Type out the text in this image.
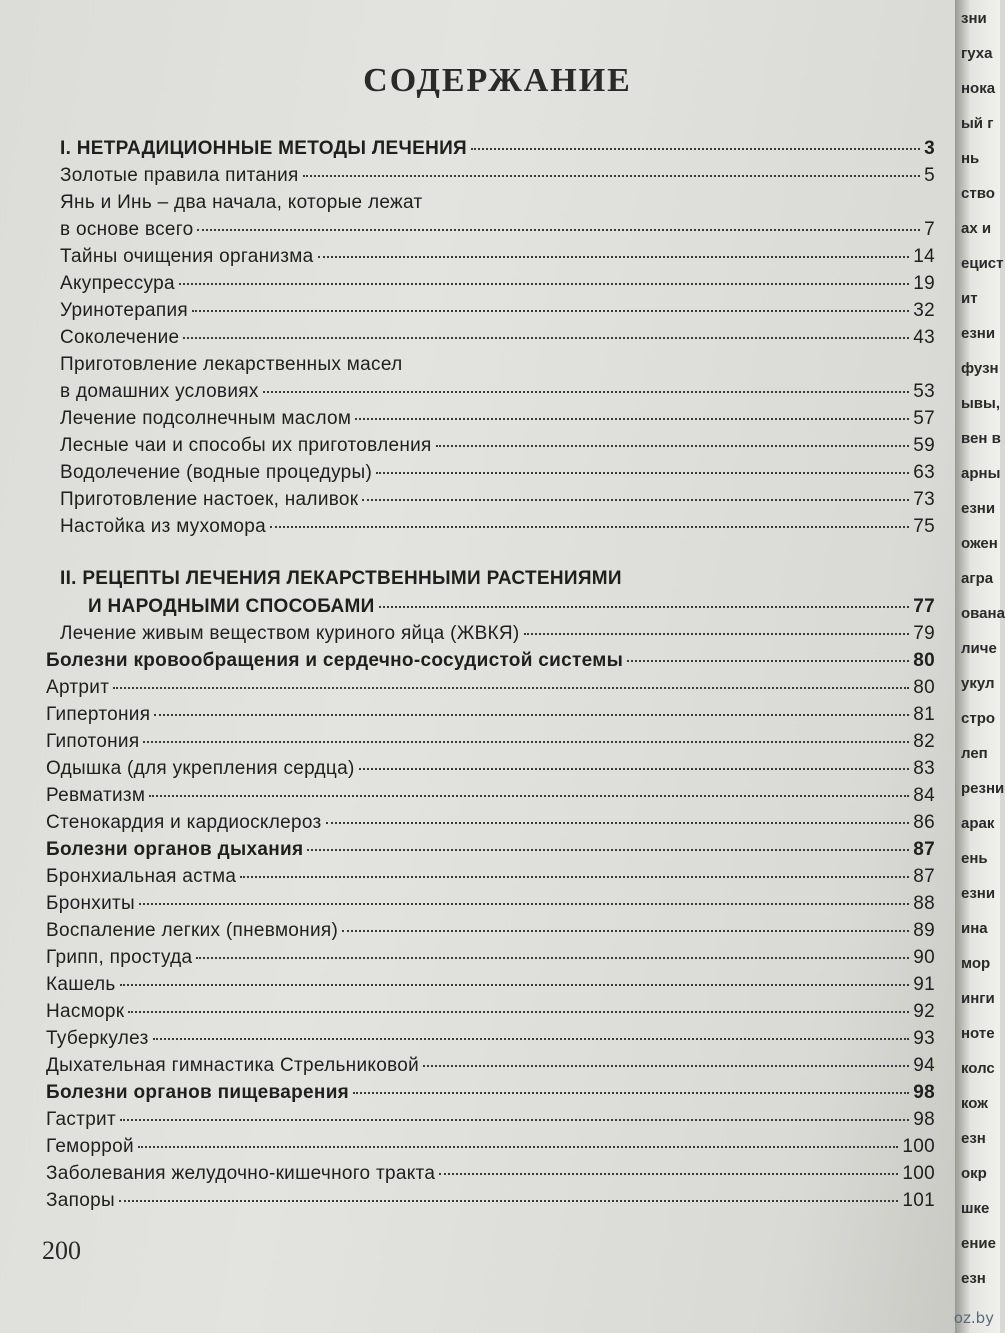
СОДЕРЖАНИЕ
I. НЕТРАДИЦИОННЫЕ МЕТОДЫ ЛЕЧЕНИЯ	3
Золотые правила питания	5
Янь и Инь – два начала, которые лежат
в основе всего	7
Тайны очищения организма	14
Акупрессура	19
Уринотерапия	32
Соколечение	43
Приготовление лекарственных масел
в домашних условиях	53
Лечение подсолнечным маслом	57
Лесные чаи и способы их приготовления	59
Водолечение (водные процедуры)	63
Приготовление настоек, наливок	73
Настойка из мухомора	75
II. РЕЦЕПТЫ ЛЕЧЕНИЯ ЛЕКАРСТВЕННЫМИ РАСТЕНИЯМИ
И НАРОДНЫМИ СПОСОБАМИ	77
Лечение живым веществом куриного яйца (ЖВКЯ)	79
Болезни кровообращения и сердечно-сосудистой системы	80
Артрит	80
Гипертония	81
Гипотония	82
Одышка (для укрепления сердца)	83
Ревматизм	84
Стенокардия и кардиосклероз	86
Болезни органов дыхания	87
Бронхиальная астма	87
Бронхиты	88
Воспаление легких (пневмония)	89
Грипп, простуда	90
Кашель	91
Насморк	92
Туберкулез	93
Дыхательная гимнастика Стрельниковой	94
Болезни органов пищеварения	98
Гастрит	98
Геморрой	100
Заболевания желудочно-кишечного тракта	100
Запоры	101
200
зни
гуха
нока
ый г
нь
ство
ах и
ецист
ит
езни
фузн
ывы,
вен в
арны
езни
ожен
агра
ована
личе
укул
стро
леп
резни
арак
ень
езни
ина
мор
инги
ноте
колс
кож
езн
окр
шке
ение
езн
oz.by
